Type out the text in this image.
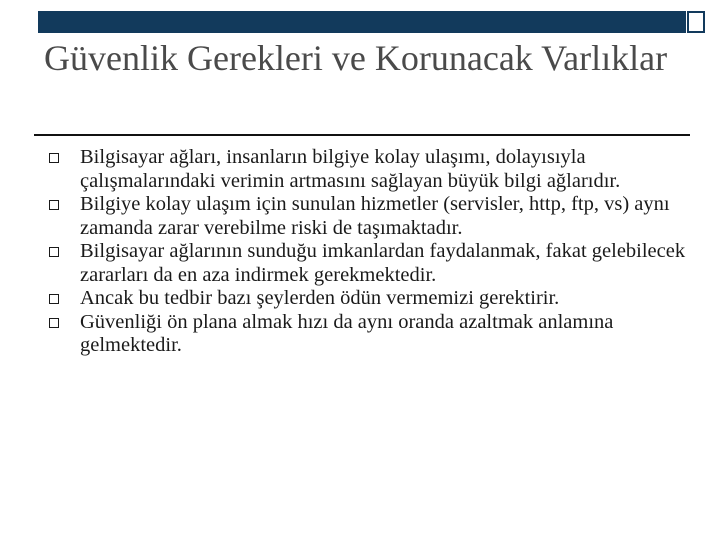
Güvenlik Gerekleri ve Korunacak Varlıklar
Bilgisayar ağları, insanların bilgiye kolay ulaşımı, dolayısıyla çalışmalarındaki verimin artmasını sağlayan büyük bilgi ağlarıdır.
Bilgiye kolay ulaşım için sunulan hizmetler (servisler, http, ftp, vs) aynı zamanda zarar verebilme riski de taşımaktadır.
Bilgisayar ağlarının sunduğu imkanlardan faydalanmak, fakat gelebilecek zararları da en aza indirmek gerekmektedir.
Ancak bu tedbir bazı şeylerden ödün vermemizi gerektirir.
Güvenliği ön plana almak hızı da aynı oranda azaltmak anlamına gelmektedir.
